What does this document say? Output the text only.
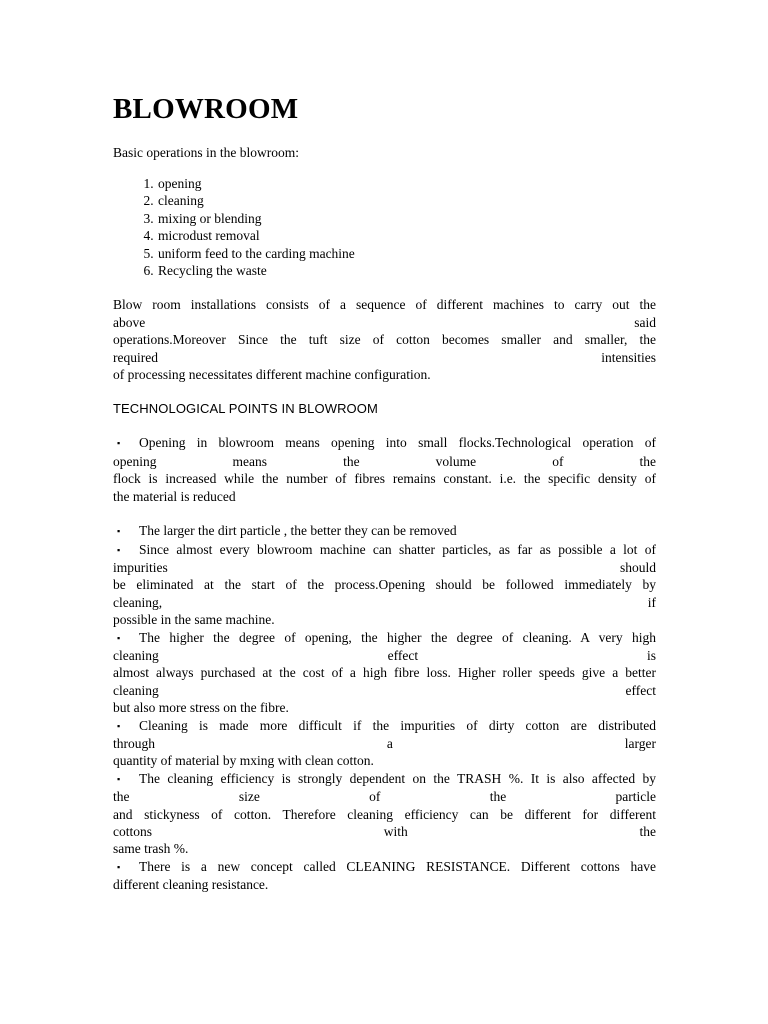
BLOWROOM

Basic operations in the blowroom:

1. opening
2. cleaning
3. mixing or blending
4. microdust removal
5. uniform feed to the carding machine
6. Recycling the waste
Blow room installations consists of a sequence of different machines to carry out the
above said
operations.Moreover Since the tuft size of cotton becomes smaller and smaller, the
required intensities
of processing necessitates different machine configuration.
TECHNOLOGICAL POINTS IN BLOWROOM
▪ Opening in blowroom means opening into small flocks.Technological operation of
opening means the volume of the
flock is increased while the number of fibres remains constant. i.e. the specific density of
the material is reduced
▪ The larger the dirt particle , the better they can be removed
▪ Since almost every blowroom machine can shatter particles, as far as possible a lot of
impurities should
be eliminated at the start of the process.Opening should be followed immediately by
cleaning, if
possible in the same machine.
▪ The higher the degree of opening, the higher the degree of cleaning. A very high
cleaning effect is
almost always purchased at the cost of a high fibre loss. Higher roller speeds give a better
cleaning effect
but also more stress on the fibre.
▪ Cleaning is made more difficult if the impurities of dirty cotton are distributed
through a larger
quantity of material by mxing with clean cotton.
▪ The cleaning efficiency is strongly dependent on the TRASH %. It is also affected by
the size of the particle
and stickyness of cotton. Therefore cleaning efficiency can be different for different
cottons with the
same trash %.
▪ There is a new concept called CLEANING RESISTANCE. Different cottons have
different cleaning resistance.
